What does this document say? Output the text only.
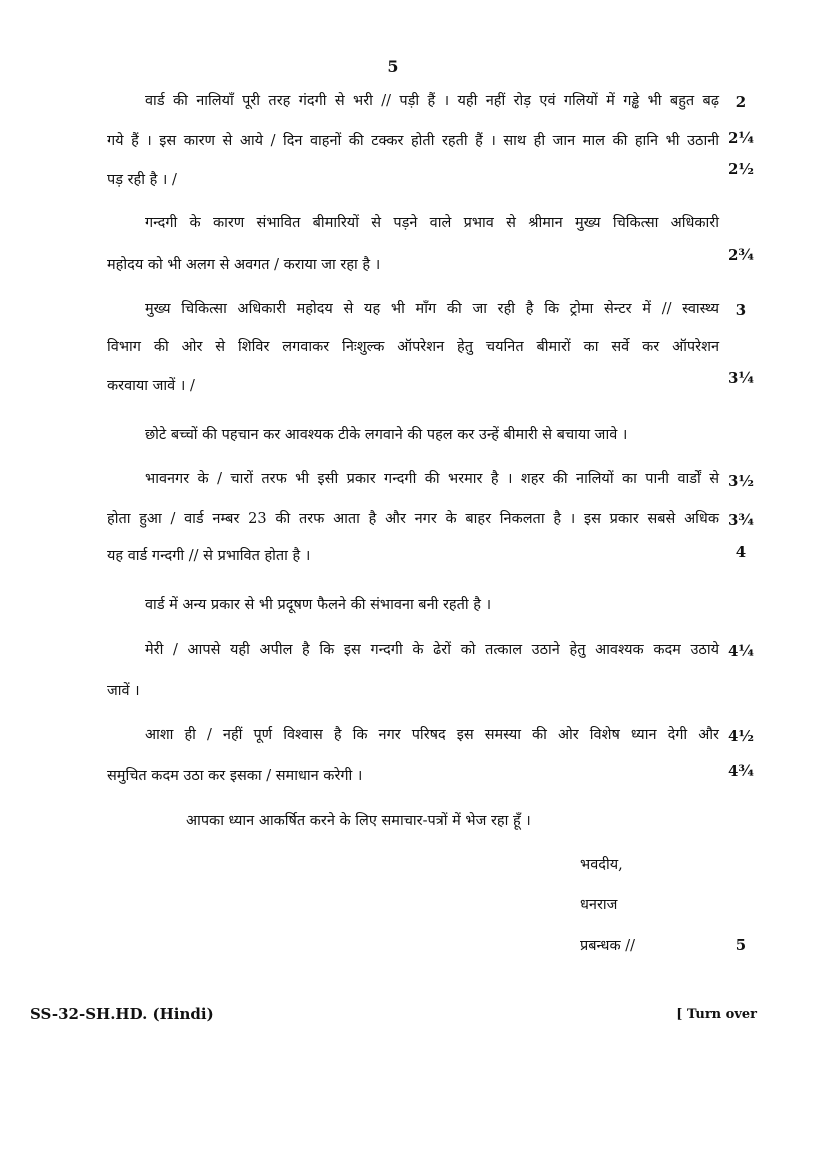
5
वार्ड की नालियाँ पूरी तरह गंदगी से भरी // पड़ी हैं । यही नहीं रोड़ एवं गलियों में गड्ढे भी बहुत बढ़
गये हैं । इस कारण से आये / दिन वाहनों की टक्कर होती रहती हैं । साथ ही जान माल की हानि भी उठानी
पड़ रही है । /
गन्दगी के कारण संभावित बीमारियों से पड़ने वाले प्रभाव से श्रीमान मुख्य चिकित्सा अधिकारी
महोदय को भी अलग से अवगत / कराया जा रहा है ।
मुख्य चिकित्सा अधिकारी महोदय से यह भी माँग की जा रही है कि ट्रोमा सेन्टर में // स्वास्थ्य
विभाग की ओर से शिविर लगवाकर निःशुल्क ऑपरेशन हेतु चयनित बीमारों का सर्वे कर ऑपरेशन
करवाया जावें । /
छोटे बच्चों की पहचान कर आवश्यक टीके लगवाने की पहल कर उन्हें बीमारी से बचाया जावे ।
भावनगर के / चारों तरफ भी इसी प्रकार गन्दगी की भरमार है । शहर की नालियों का पानी वार्डों से
होता हुआ / वार्ड नम्बर 23 की तरफ आता है और नगर के बाहर निकलता है । इस प्रकार सबसे अधिक
यह वार्ड गन्दगी // से प्रभावित होता है ।
वार्ड में अन्य प्रकार से भी प्रदूषण फैलने की संभावना बनी रहती है ।
मेरी / आपसे यही अपील है कि इस गन्दगी के ढेरों को तत्काल उठाने हेतु आवश्यक कदम उठाये
जावें ।
आशा ही / नहीं पूर्ण विश्वास है कि नगर परिषद इस समस्या की ओर विशेष ध्यान देगी और
समुचित कदम उठा कर इसका / समाधान करेगी ।
आपका ध्यान आकर्षित करने के लिए समाचार-पत्रों में भेज रहा हूँ ।
2
2¼
2½
2¾
3
3¼
3½
3¾
4
4¼
4½
4¾
5
भवदीय,
धनराज
प्रबन्धक //
SS-32-SH.HD. (Hindi)	[ Turn over
